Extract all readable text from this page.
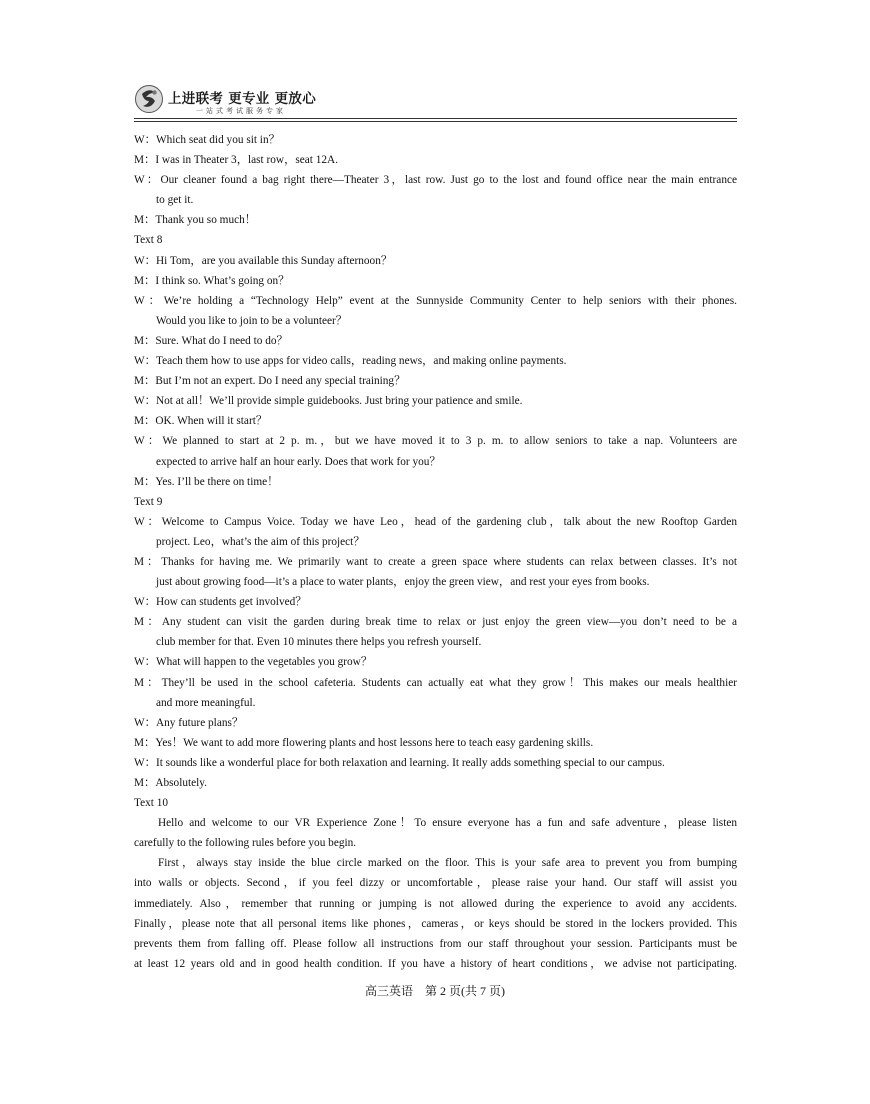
上进联考 更专业 更放心
一站式考试服务专家
W：Which seat did you sit in？
M：I was in Theater 3，last row，seat 12A.
W：Our cleaner found a bag right there—Theater 3，last row. Just go to the lost and found office near the main entrance
to get it.
M：Thank you so much！
Text 8
W：Hi Tom，are you available this Sunday afternoon？
M：I think so. What’s going on？
W：We’re holding a “Technology Help” event at the Sunnyside Community Center to help seniors with their phones.
Would you like to join to be a volunteer？
M：Sure. What do I need to do？
W：Teach them how to use apps for video calls，reading news，and making online payments.
M：But I’m not an expert. Do I need any special training？
W：Not at all！We’ll provide simple guidebooks. Just bring your patience and smile.
M：OK. When will it start？
W：We planned to start at 2 p. m.，but we have moved it to 3 p. m. to allow seniors to take a nap. Volunteers are
expected to arrive half an hour early. Does that work for you？
M：Yes. I’ll be there on time！
Text 9
W：Welcome to Campus Voice. Today we have Leo，head of the gardening club，talk about the new Rooftop Garden
project. Leo，what’s the aim of this project？
M：Thanks for having me. We primarily want to create a green space where students can relax between classes. It’s not
just about growing food—it’s a place to water plants，enjoy the green view，and rest your eyes from books.
W：How can students get involved？
M：Any student can visit the garden during break time to relax or just enjoy the green view—you don’t need to be a
club member for that. Even 10 minutes there helps you refresh yourself.
W：What will happen to the vegetables you grow？
M：They’ll be used in the school cafeteria. Students can actually eat what they grow！This makes our meals healthier
and more meaningful.
W：Any future plans？
M：Yes！We want to add more flowering plants and host lessons here to teach easy gardening skills.
W：It sounds like a wonderful place for both relaxation and learning. It really adds something special to our campus.
M：Absolutely.
Text 10
Hello and welcome to our VR Experience Zone！To ensure everyone has a fun and safe adventure，please listen
carefully to the following rules before you begin.
First，always stay inside the blue circle marked on the floor. This is your safe area to prevent you from bumping
into walls or objects. Second，if you feel dizzy or uncomfortable，please raise your hand. Our staff will assist you
immediately. Also，remember that running or jumping is not allowed during the experience to avoid any accidents.
Finally，please note that all personal items like phones，cameras，or keys should be stored in the lockers provided. This
prevents them from falling off. Please follow all instructions from our staff throughout your session. Participants must be
at least 12 years old and in good health condition. If you have a history of heart conditions，we advise not participating.
高三英语　第 2 页(共 7 页)
